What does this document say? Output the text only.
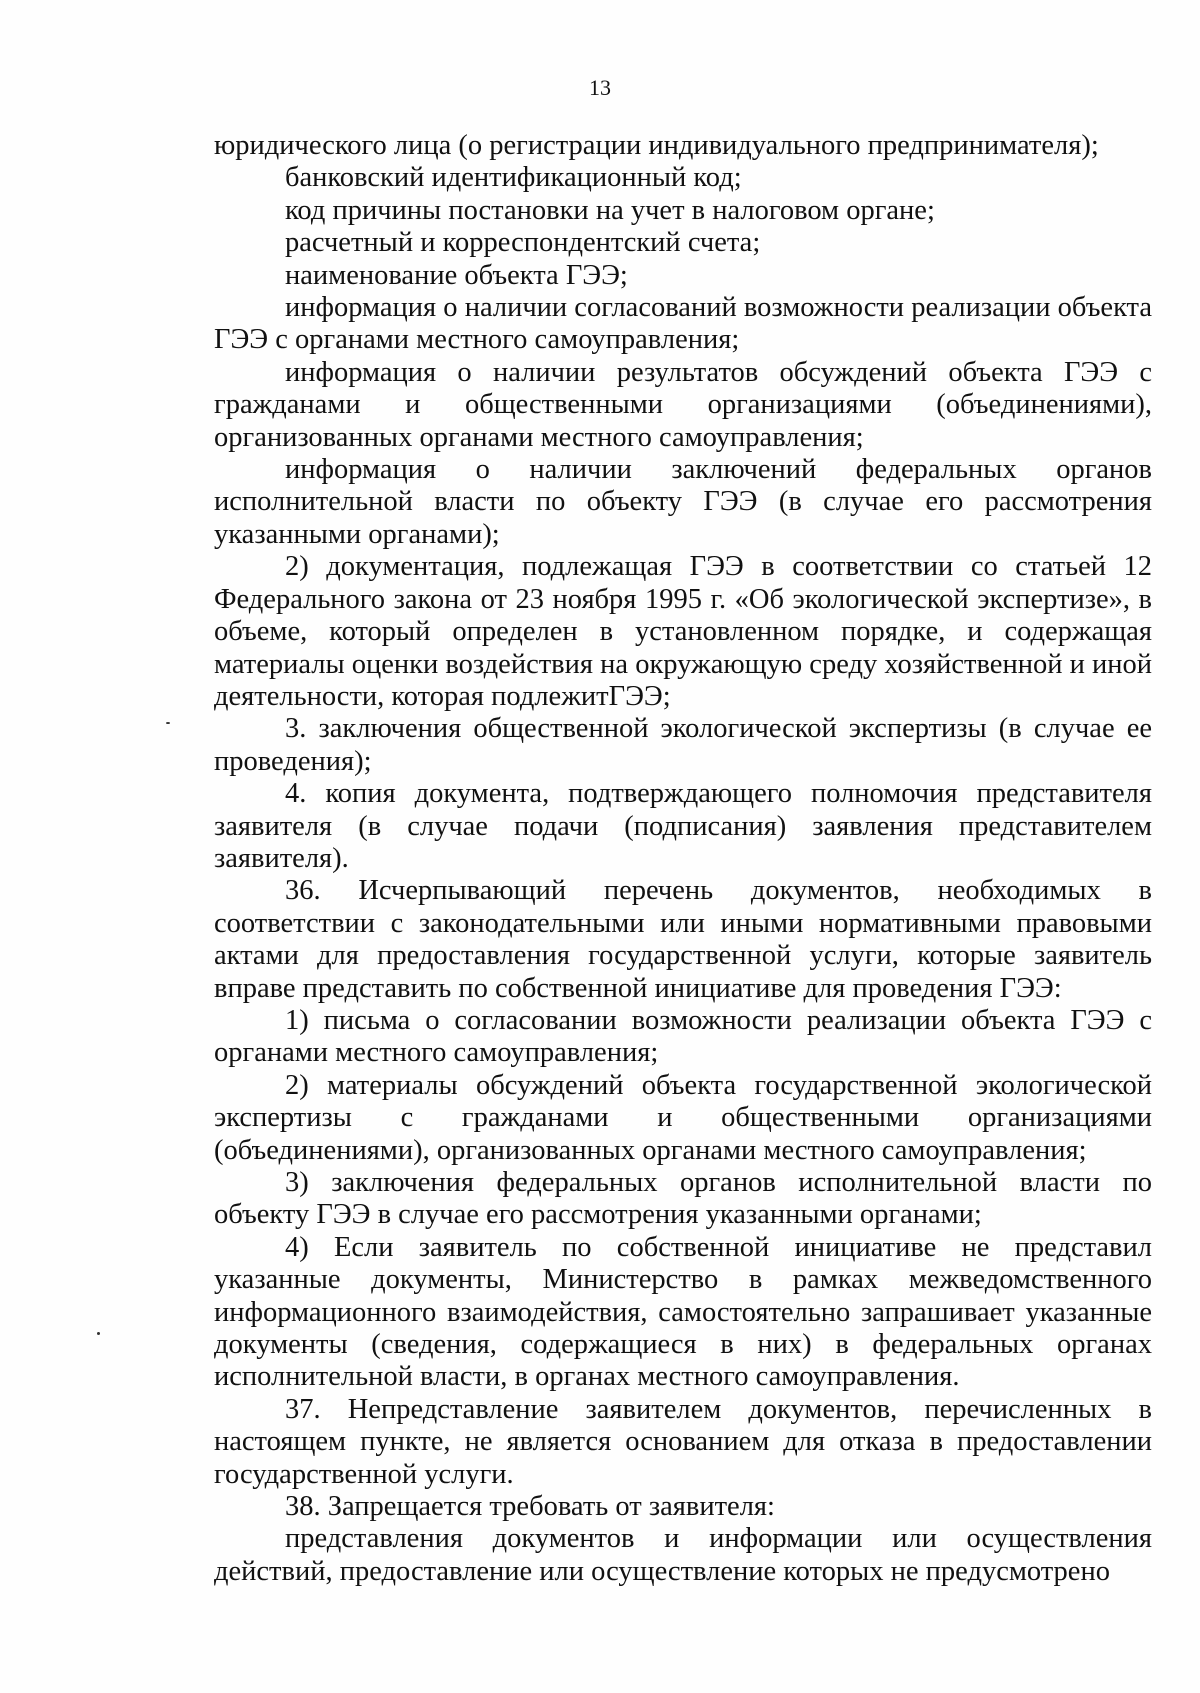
13

юридического лица (о регистрации индивидуального предпринимателя);

банковский идентификационный код;

код причины постановки на учет в налоговом органе;

расчетный и корреспондентский счета;

наименование объекта ГЭЭ;

информация о наличии согласований возможности реализации объекта ГЭЭ с органами местного самоуправления;

информация о наличии результатов обсуждений объекта ГЭЭ с гражданами и общественными организациями (объединениями), организованных органами местного самоуправления;

информация о наличии заключений федеральных органов исполнительной власти по объекту ГЭЭ (в случае его рассмотрения указанными органами);

2) документация, подлежащая ГЭЭ в соответствии со статьей 12 Федерального закона от 23 ноября 1995 г. «Об экологической экспертизе», в объеме, который определен в установленном порядке, и содержащая материалы оценки воздействия на окружающую среду хозяйственной и иной деятельности, которая подлежитГЭЭ;

3. заключения общественной экологической экспертизы (в случае ее проведения);

4. копия документа, подтверждающего полномочия представителя заявителя (в случае подачи (подписания) заявления представителем заявителя).

36. Исчерпывающий перечень документов, необходимых в соответствии с законодательными или иными нормативными правовыми актами для предоставления государственной услуги, которые заявитель вправе представить по собственной инициативе для проведения ГЭЭ:

1) письма о согласовании возможности реализации объекта ГЭЭ с органами местного самоуправления;

2) материалы обсуждений объекта государственной экологической экспертизы с гражданами и общественными организациями (объединениями), организованных органами местного самоуправления;

3) заключения федеральных органов исполнительной власти по объекту ГЭЭ в случае его рассмотрения указанными органами;

4) Если заявитель по собственной инициативе не представил указанные документы, Министерство в рамках межведомственного информационного взаимодействия, самостоятельно запрашивает указанные документы (сведения, содержащиеся в них) в федеральных органах исполнительной власти, в органах местного самоуправления.

37. Непредставление заявителем документов, перечисленных в настоящем пункте, не является основанием для отказа в предоставлении государственной услуги.

38. Запрещается требовать от заявителя:

представления документов и информации или осуществления действий, предоставление или осуществление которых не предусмотрено
